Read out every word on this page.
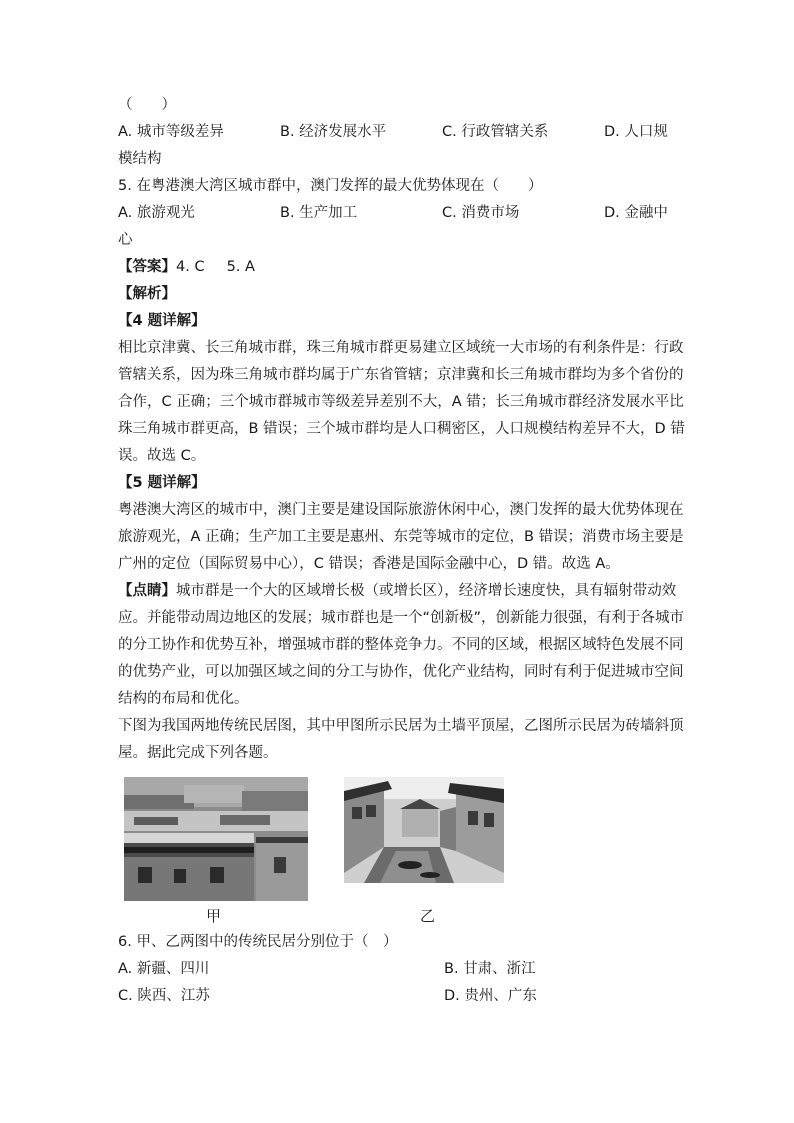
（　　）
A. 城市等级差异	B. 经济发展水平	C. 行政管辖关系	D. 人口规
模结构
5. 在粤港澳大湾区城市群中，澳门发挥的最大优势体现在（　　）
A. 旅游观光	B. 生产加工	C. 消费市场	D. 金融中
心
【答案】4. C 5. A
【解析】
【4 题详解】
相比京津冀、长三角城市群，珠三角城市群更易建立区域统一大市场的有利条件是：行政
管辖关系，因为珠三角城市群均属于广东省管辖；京津冀和长三角城市群均为多个省份的
合作，C 正确；三个城市群城市等级差异差别不大，A 错；长三角城市群经济发展水平比
珠三角城市群更高，B 错误；三个城市群均是人口稠密区，人口规模结构差异不大，D 错
误。故选 C。
【5 题详解】
粤港澳大湾区的城市中，澳门主要是建设国际旅游休闲中心，澳门发挥的最大优势体现在
旅游观光，A 正确；生产加工主要是惠州、东莞等城市的定位，B 错误；消费市场主要是
广州的定位（国际贸易中心），C 错误；香港是国际金融中心，D 错。故选 A。
【点睛】城市群是一个大的区域增长极（或增长区），经济增长速度快，具有辐射带动效
应。并能带动周边地区的发展；城市群也是一个“创新极”，创新能力很强，有利于各城市
的分工协作和优势互补，增强城市群的整体竞争力。不同的区域，根据区域特色发展不同
的优势产业，可以加强区域之间的分工与协作，优化产业结构，同时有利于促进城市空间
结构的布局和优化。
下图为我国两地传统民居图，其中甲图所示民居为土墙平顶屋，乙图所示民居为砖墙斜顶
屋。据此完成下列各题。
甲	乙
6. 甲、乙两图中的传统民居分别位于（　）
A. 新疆、四川	B. 甘肃、浙江
C. 陕西、江苏	D. 贵州、广东
